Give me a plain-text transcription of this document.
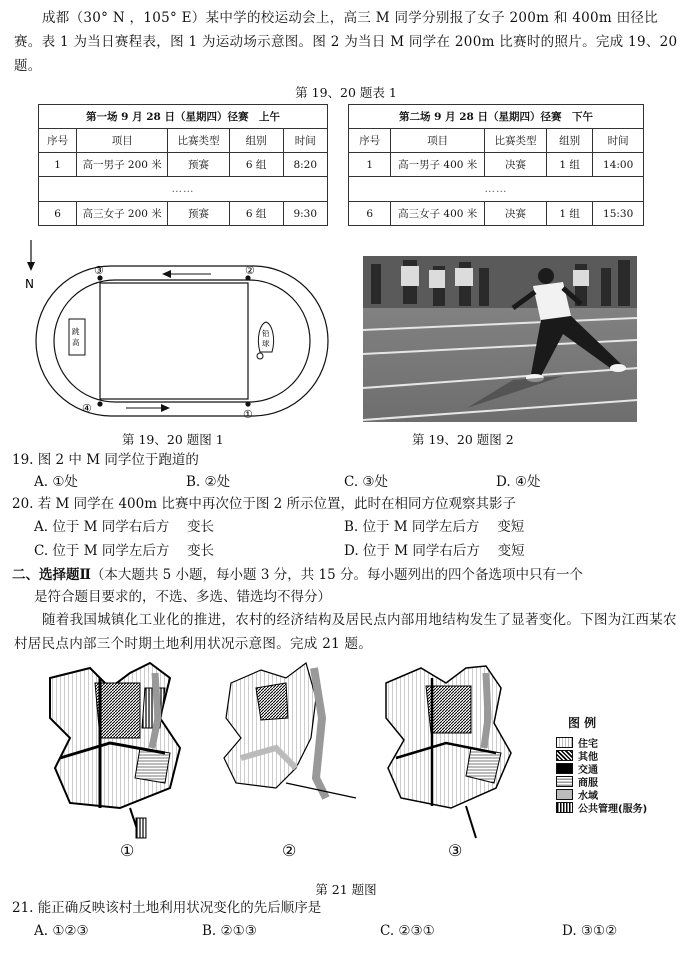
成都（30° N ，105° E）某中学的校运动会上，高三 M 同学分别报了女子 200m 和 400m 田径比赛。表 1 为当日赛程表，图 1 为运动场示意图。图 2 为当日 M 同学在 200m 比赛时的照片。完成 19、20 题。
第 19、20 题表 1
第一场 9 月 28 日（星期四）径赛　上午				
序号	项目	比赛类型	组别	时间
1	高一男子 200 米	预赛	6 组	8:20
……				
6	高三女子 200 米	预赛	6 组	9:30
第二场 9 月 28 日（星期四）径赛　下午				
序号	项目	比赛类型	组别	时间
1	高一男子 400 米	决赛	1 组	14:00
……				
6	高三女子 400 米	决赛	1 组	15:30
N
①
②
③
④
跳
高
铅
球
第 19、20 题图 1	第 19、20 题图 2
19. 图 2 中 M 同学位于跑道的
A. ①处	B. ②处	C. ③处	D. ④处
20. 若 M 同学在 400m 比赛中再次位于图 2 所示位置，此时在相同方位观察其影子
A. 位于 M 同学右后方　 变长	B. 位于 M 同学左后方　 变短
C. 位于 M 同学左后方　 变长	D. 位于 M 同学右后方　 变短
二、选择题Ⅱ（本大题共 5 小题，每小题 3 分，共 15 分。每小题列出的四个备选项中只有一个
是符合题目要求的，不选、多选、错选均不得分）
随着我国城镇化工业化的推进，农村的经济结构及居民点内部用地结构发生了显著变化。下图为江西某农村居民点内部三个时期土地利用状况示意图。完成 21 题。
①	②	③
图 例
住宅
其他
交通
商服
水域
公共管理(服务)
第 21 题图
21. 能正确反映该村土地利用状况变化的先后顺序是
A. ①②③	B. ②①③	C. ②③①	D. ③①②
